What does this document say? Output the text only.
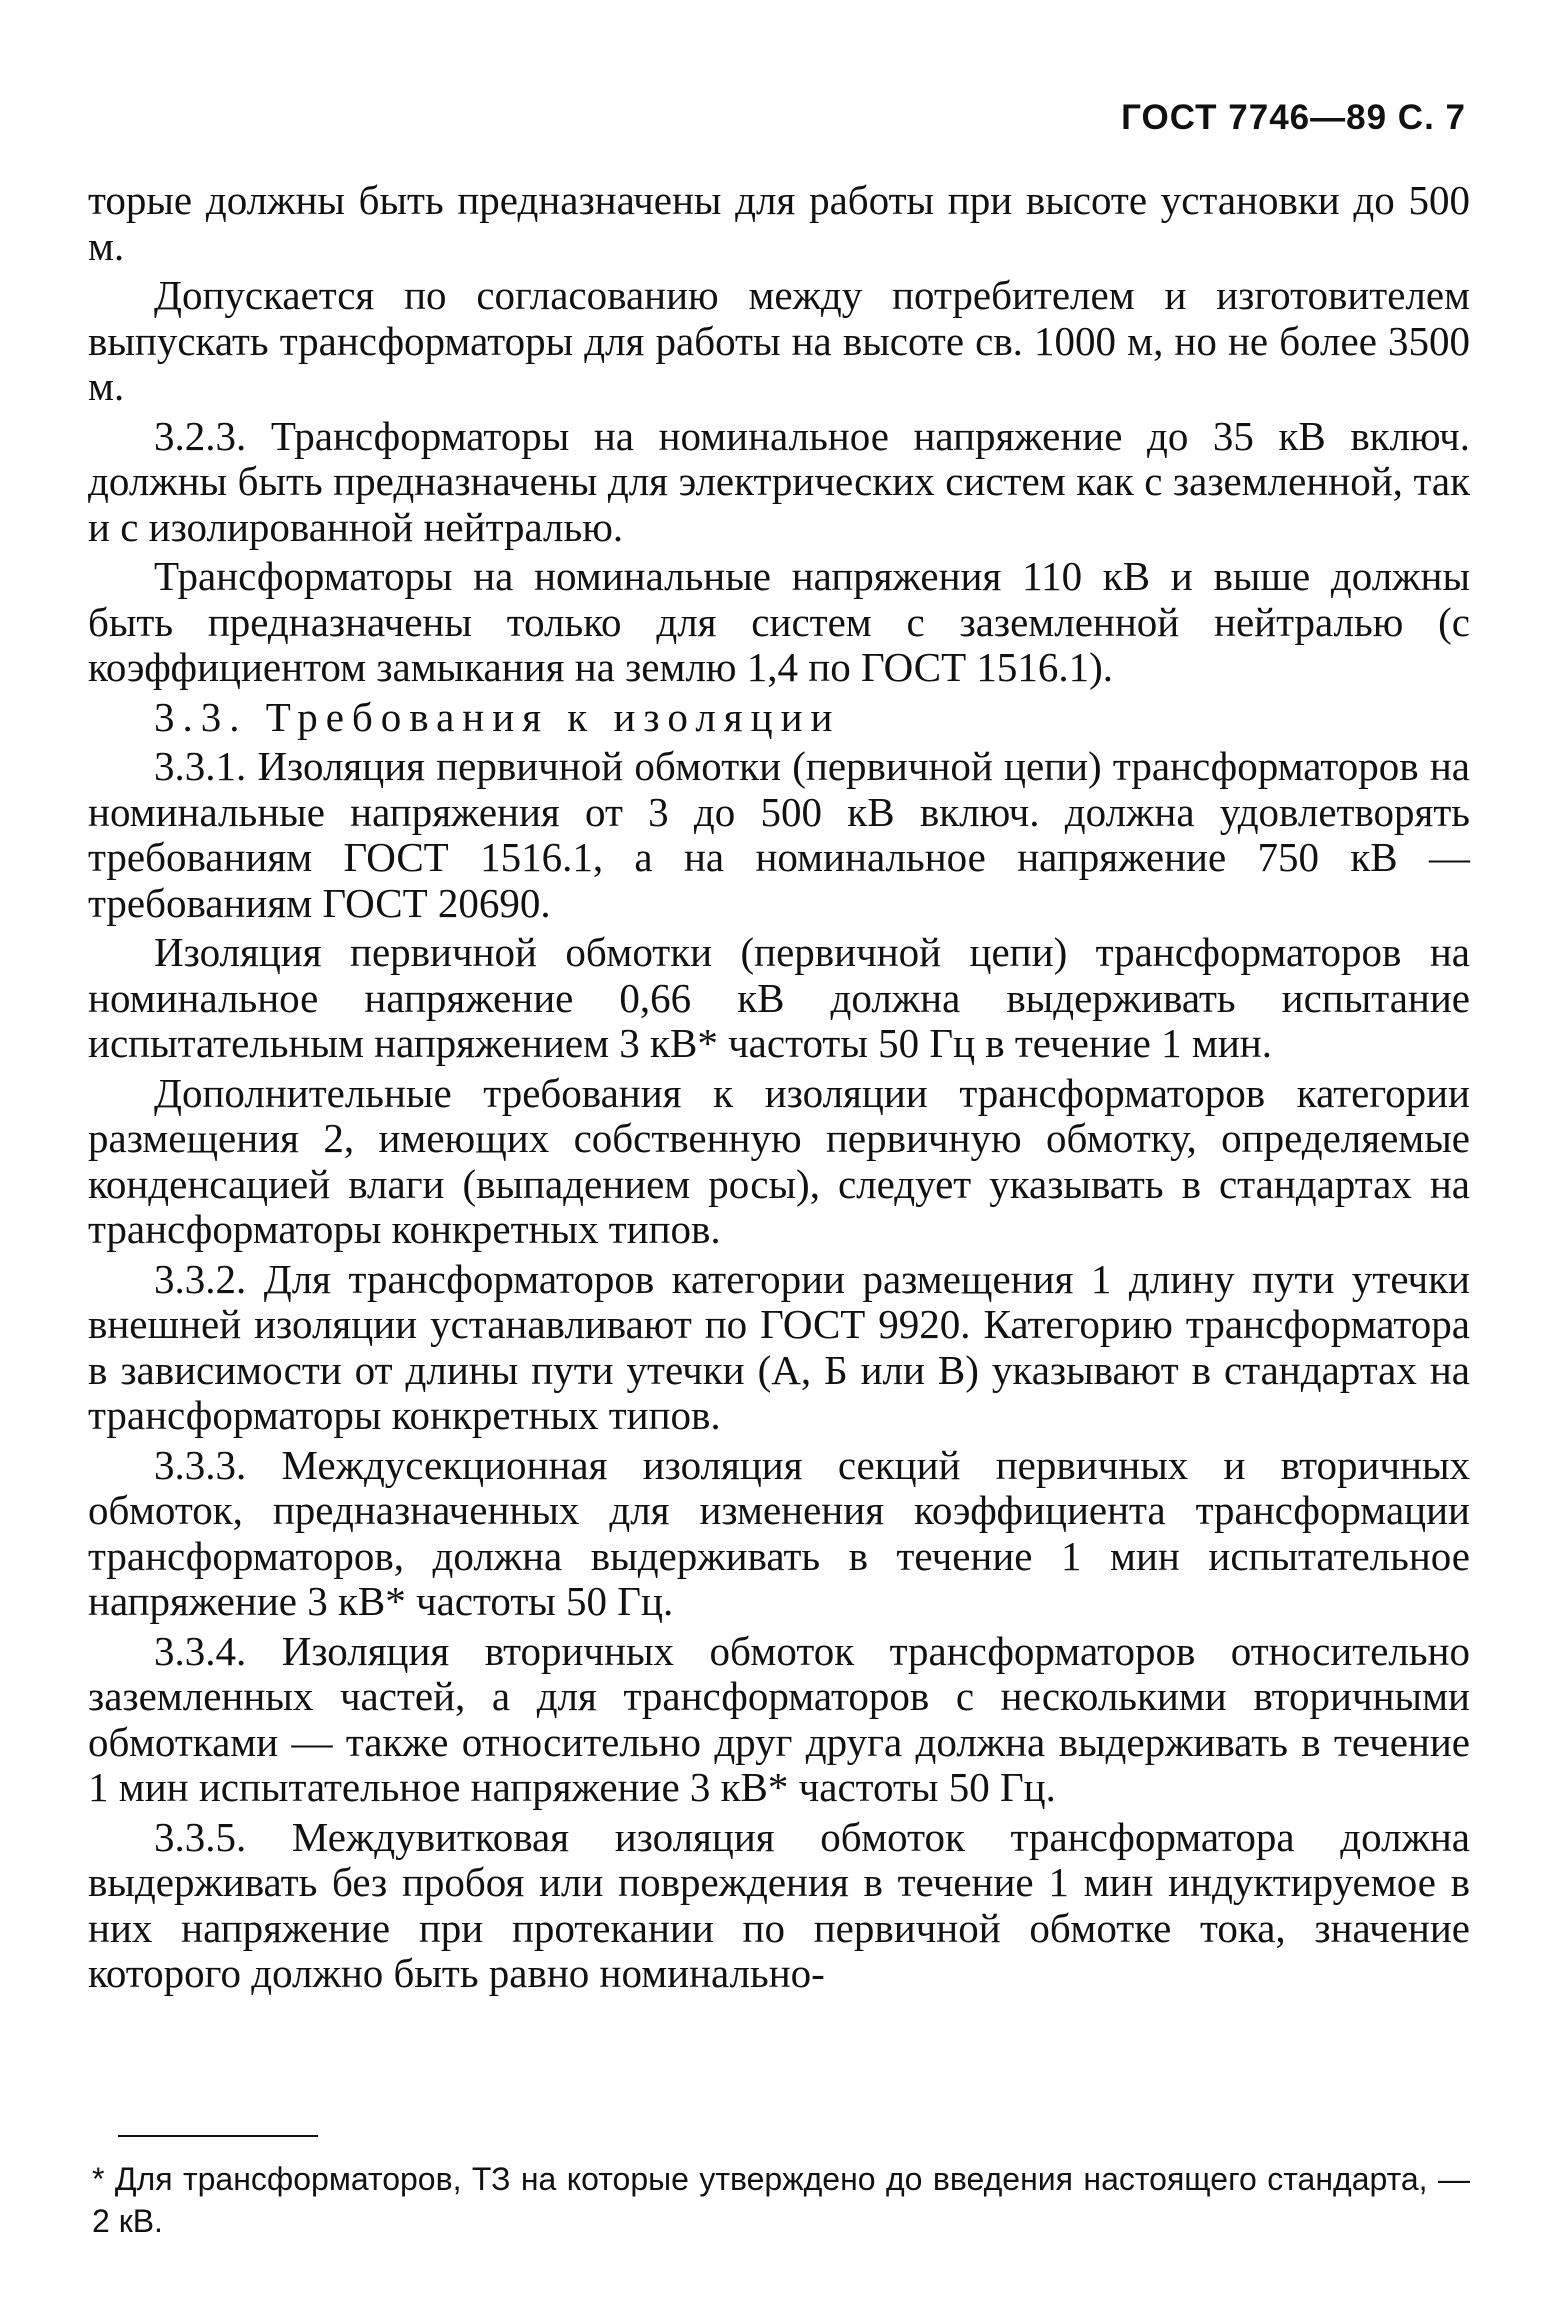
ГОСТ 7746—89 С. 7

торые должны быть предназначены для работы при высоте установки до 500 м.

Допускается по согласованию между потребителем и изготовителем выпускать трансформаторы для работы на высоте св. 1000 м, но не более 3500 м.

3.2.3. Трансформаторы на номинальное напряжение до 35 кВ включ. должны быть предназначены для электрических систем как с заземленной, так и с изолированной нейтралью.

Трансформаторы на номинальные напряжения 110 кВ и выше должны быть предназначены только для систем с заземленной нейтралью (с коэффициентом замыкания на землю 1,4 по ГОСТ 1516.1).

3.3. Требования к изоляции

3.3.1. Изоляция первичной обмотки (первичной цепи) трансформаторов на номинальные напряжения от 3 до 500 кВ включ. должна удовлетворять требованиям ГОСТ 1516.1, а на номинальное напряжение 750 кВ — требованиям ГОСТ 20690.

Изоляция первичной обмотки (первичной цепи) трансформаторов на номинальное напряжение 0,66 кВ должна выдерживать испытание испытательным напряжением 3 кВ* частоты 50 Гц в течение 1 мин.

Дополнительные требования к изоляции трансформаторов категории размещения 2, имеющих собственную первичную обмотку, определяемые конденсацией влаги (выпадением росы), следует указывать в стандартах на трансформаторы конкретных типов.

3.3.2. Для трансформаторов категории размещения 1 длину пути утечки внешней изоляции устанавливают по ГОСТ 9920. Категорию трансформатора в зависимости от длины пути утечки (А, Б или В) указывают в стандартах на трансформаторы конкретных типов.

3.3.3. Междусекционная изоляция секций первичных и вторичных обмоток, предназначенных для изменения коэффициента трансформации трансформаторов, должна выдерживать в течение 1 мин испытательное напряжение 3 кВ* частоты 50 Гц.

3.3.4. Изоляция вторичных обмоток трансформаторов относительно заземленных частей, а для трансформаторов с несколькими вторичными обмотками — также относительно друг друга должна выдерживать в течение 1 мин испытательное напряжение 3 кВ* частоты 50 Гц.

3.3.5. Междувитковая изоляция обмоток трансформатора должна выдерживать без пробоя или повреждения в течение 1 мин индуктируемое в них напряжение при протекании по первичной обмотке тока, значение которого должно быть равно номинально-

* Для трансформаторов, ТЗ на которые утверждено до введения настоящего стандарта, — 2 кВ.
